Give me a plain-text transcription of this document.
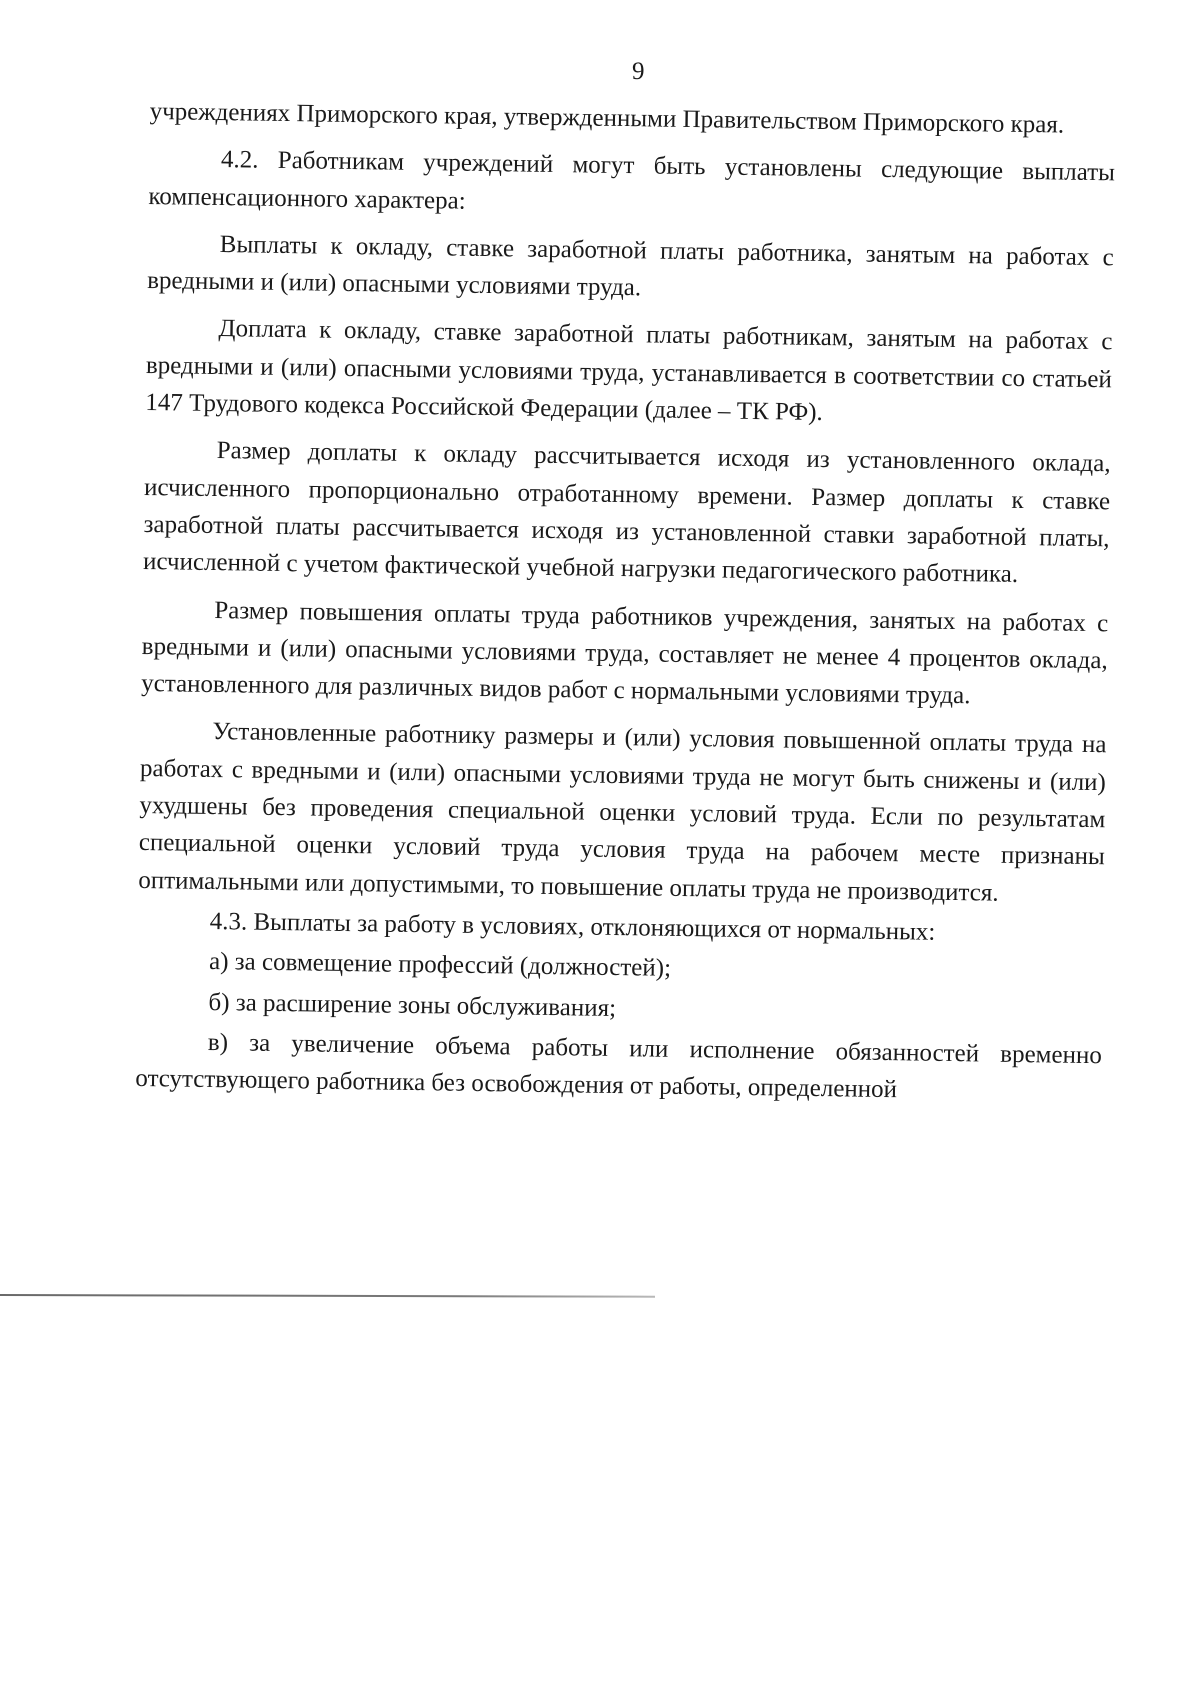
9

учреждениях Приморского края, утвержденными Правительством Приморского края.

4.2. Работникам учреждений могут быть установлены следующие выплаты компенсационного характера:

Выплаты к окладу, ставке заработной платы работника, занятым на работах с вредными и (или) опасными условиями труда.

Доплата к окладу, ставке заработной платы работникам, занятым на работах с вредными и (или) опасными условиями труда, устанавливается в соответствии со статьей 147 Трудового кодекса Российской Федерации (далее – ТК РФ).

Размер доплаты к окладу рассчитывается исходя из установленного оклада, исчисленного пропорционально отработанному времени. Размер доплаты к ставке заработной платы рассчитывается исходя из установленной ставки заработной платы, исчисленной с учетом фактической учебной нагрузки педагогического работника.

Размер повышения оплаты труда работников учреждения, занятых на работах с вредными и (или) опасными условиями труда, составляет не менее 4 процентов оклада, установленного для различных видов работ с нормальными условиями труда.

Установленные работнику размеры и (или) условия повышенной оплаты труда на работах с вредными и (или) опасными условиями труда не могут быть снижены и (или) ухудшены без проведения специальной оценки условий труда. Если по результатам специальной оценки условий труда условия труда на рабочем месте признаны оптимальными или допустимыми, то повышение оплаты труда не производится.

4.3. Выплаты за работу в условиях, отклоняющихся от нормальных:

а) за совмещение профессий (должностей);

б) за расширение зоны обслуживания;

в) за увеличение объема работы или исполнение обязанностей временно отсутствующего работника без освобождения от работы, определенной
